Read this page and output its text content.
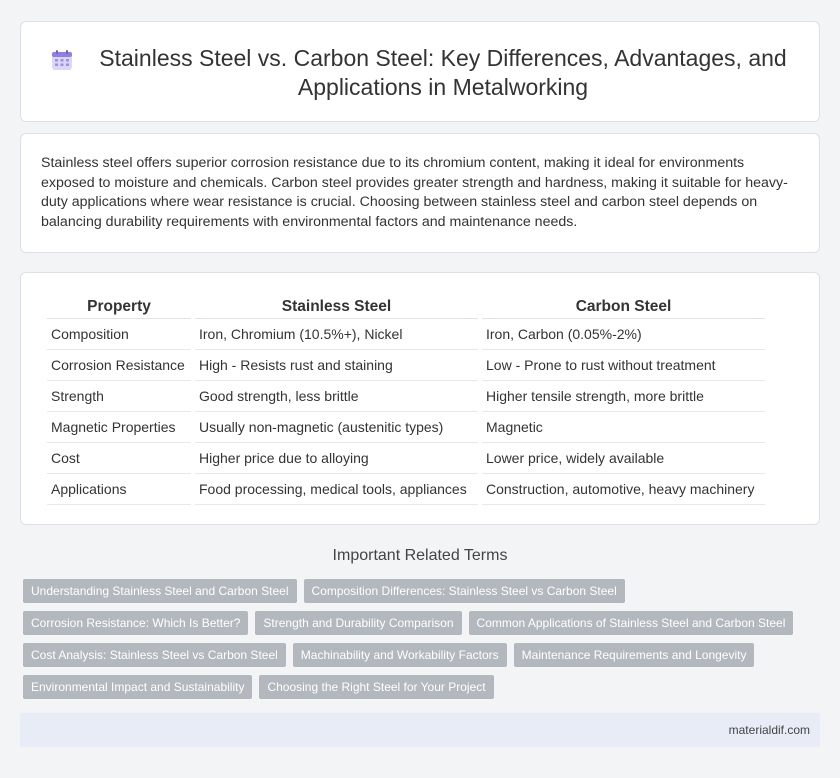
Stainless Steel vs. Carbon Steel: Key Differences, Advantages, and Applications in Metalworking

Stainless steel offers superior corrosion resistance due to its chromium content, making it ideal for environments exposed to moisture and chemicals. Carbon steel provides greater strength and hardness, making it suitable for heavy-duty applications where wear resistance is crucial. Choosing between stainless steel and carbon steel depends on balancing durability requirements with environmental factors and maintenance needs.

Property	Stainless Steel	Carbon Steel
Composition	Iron, Chromium (10.5%+), Nickel	Iron, Carbon (0.05%-2%)
Corrosion Resistance	High - Resists rust and staining	Low - Prone to rust without treatment
Strength	Good strength, less brittle	Higher tensile strength, more brittle
Magnetic Properties	Usually non-magnetic (austenitic types)	Magnetic
Cost	Higher price due to alloying	Lower price, widely available
Applications	Food processing, medical tools, appliances	Construction, automotive, heavy machinery
Important Related Terms
Understanding Stainless Steel and Carbon Steel	Composition Differences: Stainless Steel vs Carbon Steel
Corrosion Resistance: Which Is Better?	Strength and Durability Comparison	Common Applications of Stainless Steel and Carbon Steel
Cost Analysis: Stainless Steel vs Carbon Steel	Machinability and Workability Factors	Maintenance Requirements and Longevity
Environmental Impact and Sustainability	Choosing the Right Steel for Your Project
materialdif.com
